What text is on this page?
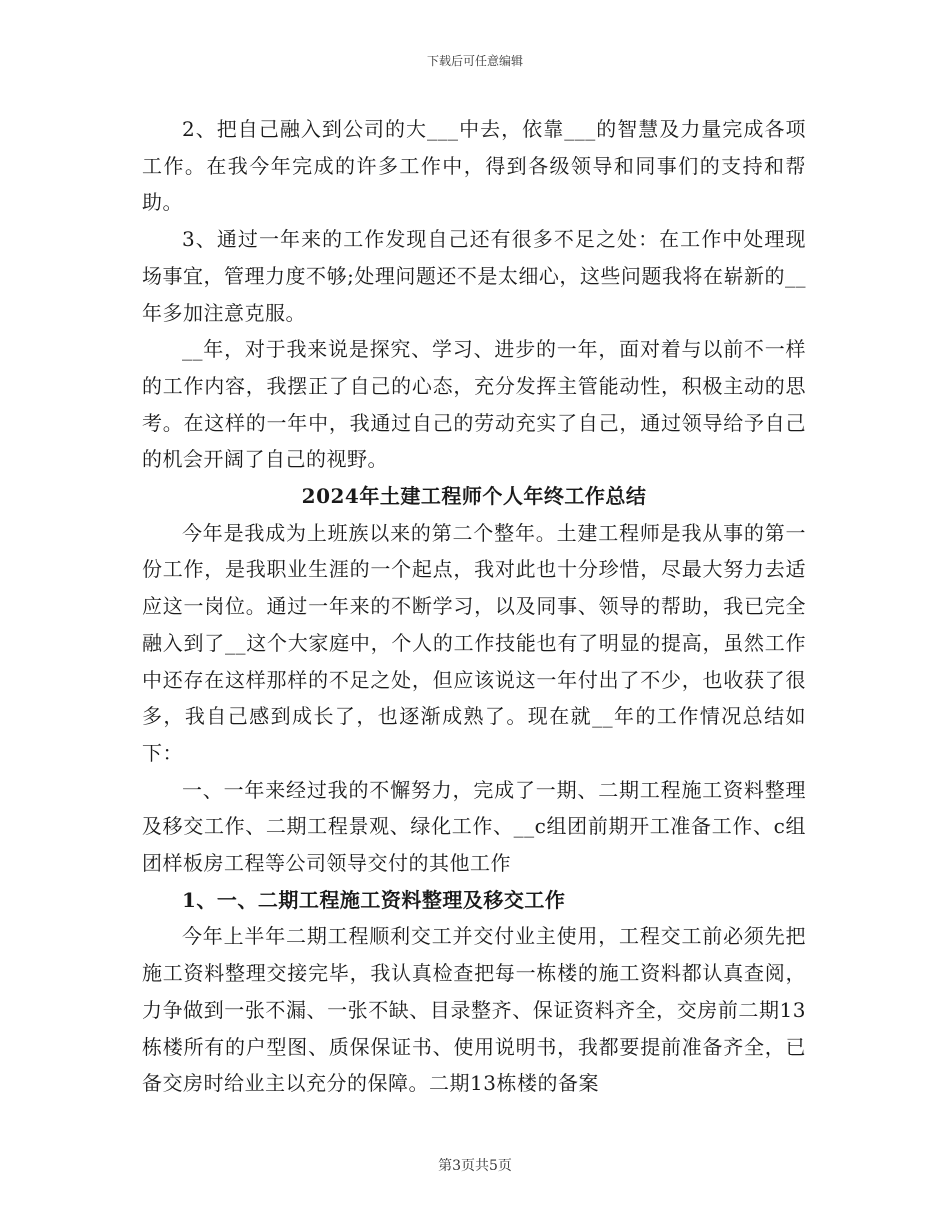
下载后可任意编辑

2、把自己融入到公司的大___中去，依靠___的智慧及力量完成各项工作。在我今年完成的许多工作中，得到各级领导和同事们的支持和帮助。

3、通过一年来的工作发现自己还有很多不足之处：在工作中处理现场事宜，管理力度不够;处理问题还不是太细心，这些问题我将在崭新的__年多加注意克服。

__年，对于我来说是探究、学习、进步的一年，面对着与以前不一样的工作内容，我摆正了自己的心态，充分发挥主管能动性，积极主动的思考。在这样的一年中，我通过自己的劳动充实了自己，通过领导给予自己的机会开阔了自己的视野。

2024年土建工程师个人年终工作总结

今年是我成为上班族以来的第二个整年。土建工程师是我从事的第一份工作，是我职业生涯的一个起点，我对此也十分珍惜，尽最大努力去适应这一岗位。通过一年来的不断学习，以及同事、领导的帮助，我已完全融入到了__这个大家庭中，个人的工作技能也有了明显的提高，虽然工作中还存在这样那样的不足之处，但应该说这一年付出了不少，也收获了很多，我自己感到成长了，也逐渐成熟了。现在就__年的工作情况总结如下：

一、一年来经过我的不懈努力，完成了一期、二期工程施工资料整理及移交工作、二期工程景观、绿化工作、__c组团前期开工准备工作、c组团样板房工程等公司领导交付的其他工作

1、一、二期工程施工资料整理及移交工作

今年上半年二期工程顺利交工并交付业主使用，工程交工前必须先把施工资料整理交接完毕，我认真检查把每一栋楼的施工资料都认真查阅，力争做到一张不漏、一张不缺、目录整齐、保证资料齐全，交房前二期13栋楼所有的户型图、质保保证书、使用说明书，我都要提前准备齐全，已备交房时给业主以充分的保障。二期13栋楼的备案

第3页共5页
